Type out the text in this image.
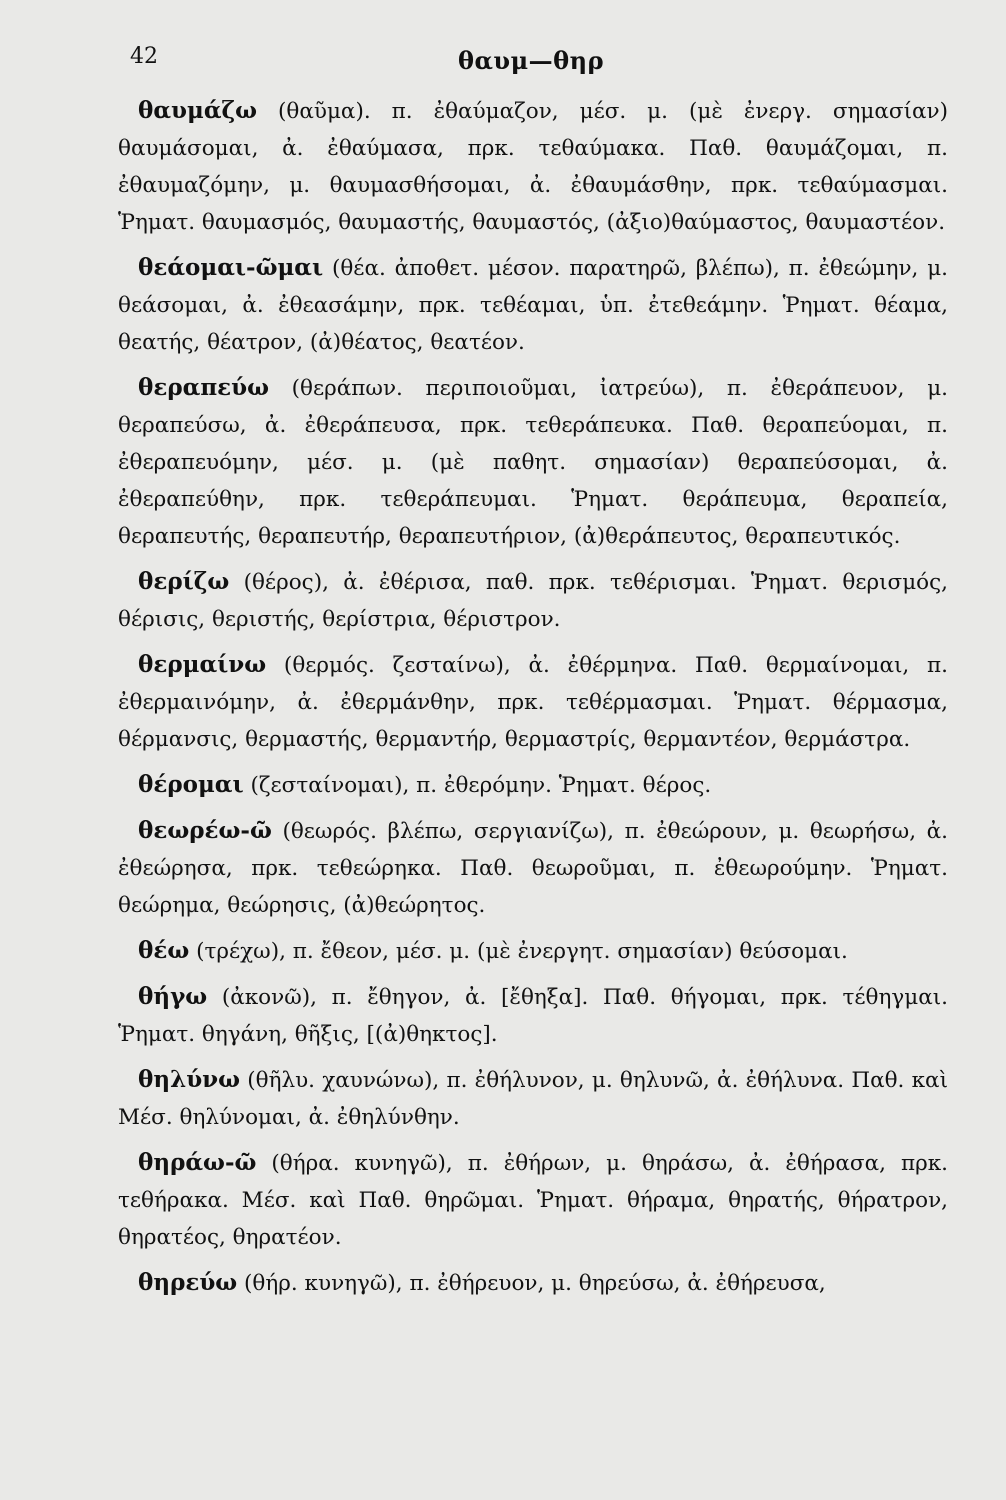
42	θαυμ—θηρ

θαυμάζω (θαῦμα). π. ἐθαύμαζον, μέσ. μ. (μὲ ἐνεργ. σημασίαν) θαυμάσομαι, ἀ. ἐθαύμασα, πρκ. τεθαύμακα. Παθ. θαυμάζομαι, π. ἐθαυμαζόμην, μ. θαυμασθήσομαι, ἀ. ἐθαυμάσθην, πρκ. τεθαύμασμαι. Ῥηματ. θαυμασμός, θαυμαστής, θαυμαστός, (ἀξιο)θαύμαστος, θαυμαστέον.

θεάομαι-ῶμαι (θέα. ἀποθετ. μέσον. παρατηρῶ, βλέπω), π. ἐθεώμην, μ. θεάσομαι, ἀ. ἐθεασάμην, πρκ. τεθέαμαι, ὑπ. ἐτεθεάμην. Ῥηματ. θέαμα, θεατής, θέατρον, (ἀ)θέατος, θεατέον.

θεραπεύω (θεράπων. περιποιοῦμαι, ἰατρεύω), π. ἐθεράπευον, μ. θεραπεύσω, ἀ. ἐθεράπευσα, πρκ. τεθεράπευκα. Παθ. θεραπεύομαι, π. ἐθεραπευόμην, μέσ. μ. (μὲ παθητ. σημασίαν) θεραπεύσομαι, ἀ. ἐθεραπεύθην, πρκ. τεθεράπευμαι. Ῥηματ. θεράπευμα, θεραπεία, θεραπευτής, θεραπευτήρ, θεραπευτήριον, (ἀ)θεράπευτος, θεραπευτικός.

θερίζω (θέρος), ἀ. ἐθέρισα, παθ. πρκ. τεθέρισμαι. Ῥηματ. θερισμός, θέρισις, θεριστής, θερίστρια, θέριστρον.

θερμαίνω (θερμός. ζεσταίνω), ἀ. ἐθέρμηνα. Παθ. θερμαίνομαι, π. ἐθερμαινόμην, ἀ. ἐθερμάνθην, πρκ. τεθέρμασμαι. Ῥηματ. θέρμασμα, θέρμανσις, θερμαστής, θερμαντήρ, θερμαστρίς, θερμαντέον, θερμάστρα.

θέρομαι (ζεσταίνομαι), π. ἐθερόμην. Ῥηματ. θέρος.

θεωρέω-ῶ (θεωρός. βλέπω, σεργιανίζω), π. ἐθεώρουν, μ. θεωρήσω, ἀ. ἐθεώρησα, πρκ. τεθεώρηκα. Παθ. θεωροῦμαι, π. ἐθεωρούμην. Ῥηματ. θεώρημα, θεώρησις, (ἀ)θεώρητος.

θέω (τρέχω), π. ἔθεον, μέσ. μ. (μὲ ἐνεργητ. σημασίαν) θεύσομαι.

θήγω (ἀκονῶ), π. ἔθηγον, ἀ. [ἔθηξα]. Παθ. θήγομαι, πρκ. τέθηγμαι. Ῥηματ. θηγάνη, θῆξις, [(ἀ)θηκτος].

θηλύνω (θῆλυ. χαυνώνω), π. ἐθήλυνον, μ. θηλυνῶ, ἀ. ἐθήλυνα. Παθ. καὶ Μέσ. θηλύνομαι, ἀ. ἐθηλύνθην.

θηράω-ῶ (θήρα. κυνηγῶ), π. ἐθήρων, μ. θηράσω, ἀ. ἐθήρασα, πρκ. τεθήρακα. Μέσ. καὶ Παθ. θηρῶμαι. Ῥηματ. θήραμα, θηρατής, θήρατρον, θηρατέος, θηρατέον.

θηρεύω (θήρ. κυνηγῶ), π. ἐθήρευον, μ. θηρεύσω, ἀ. ἐθήρευσα,
